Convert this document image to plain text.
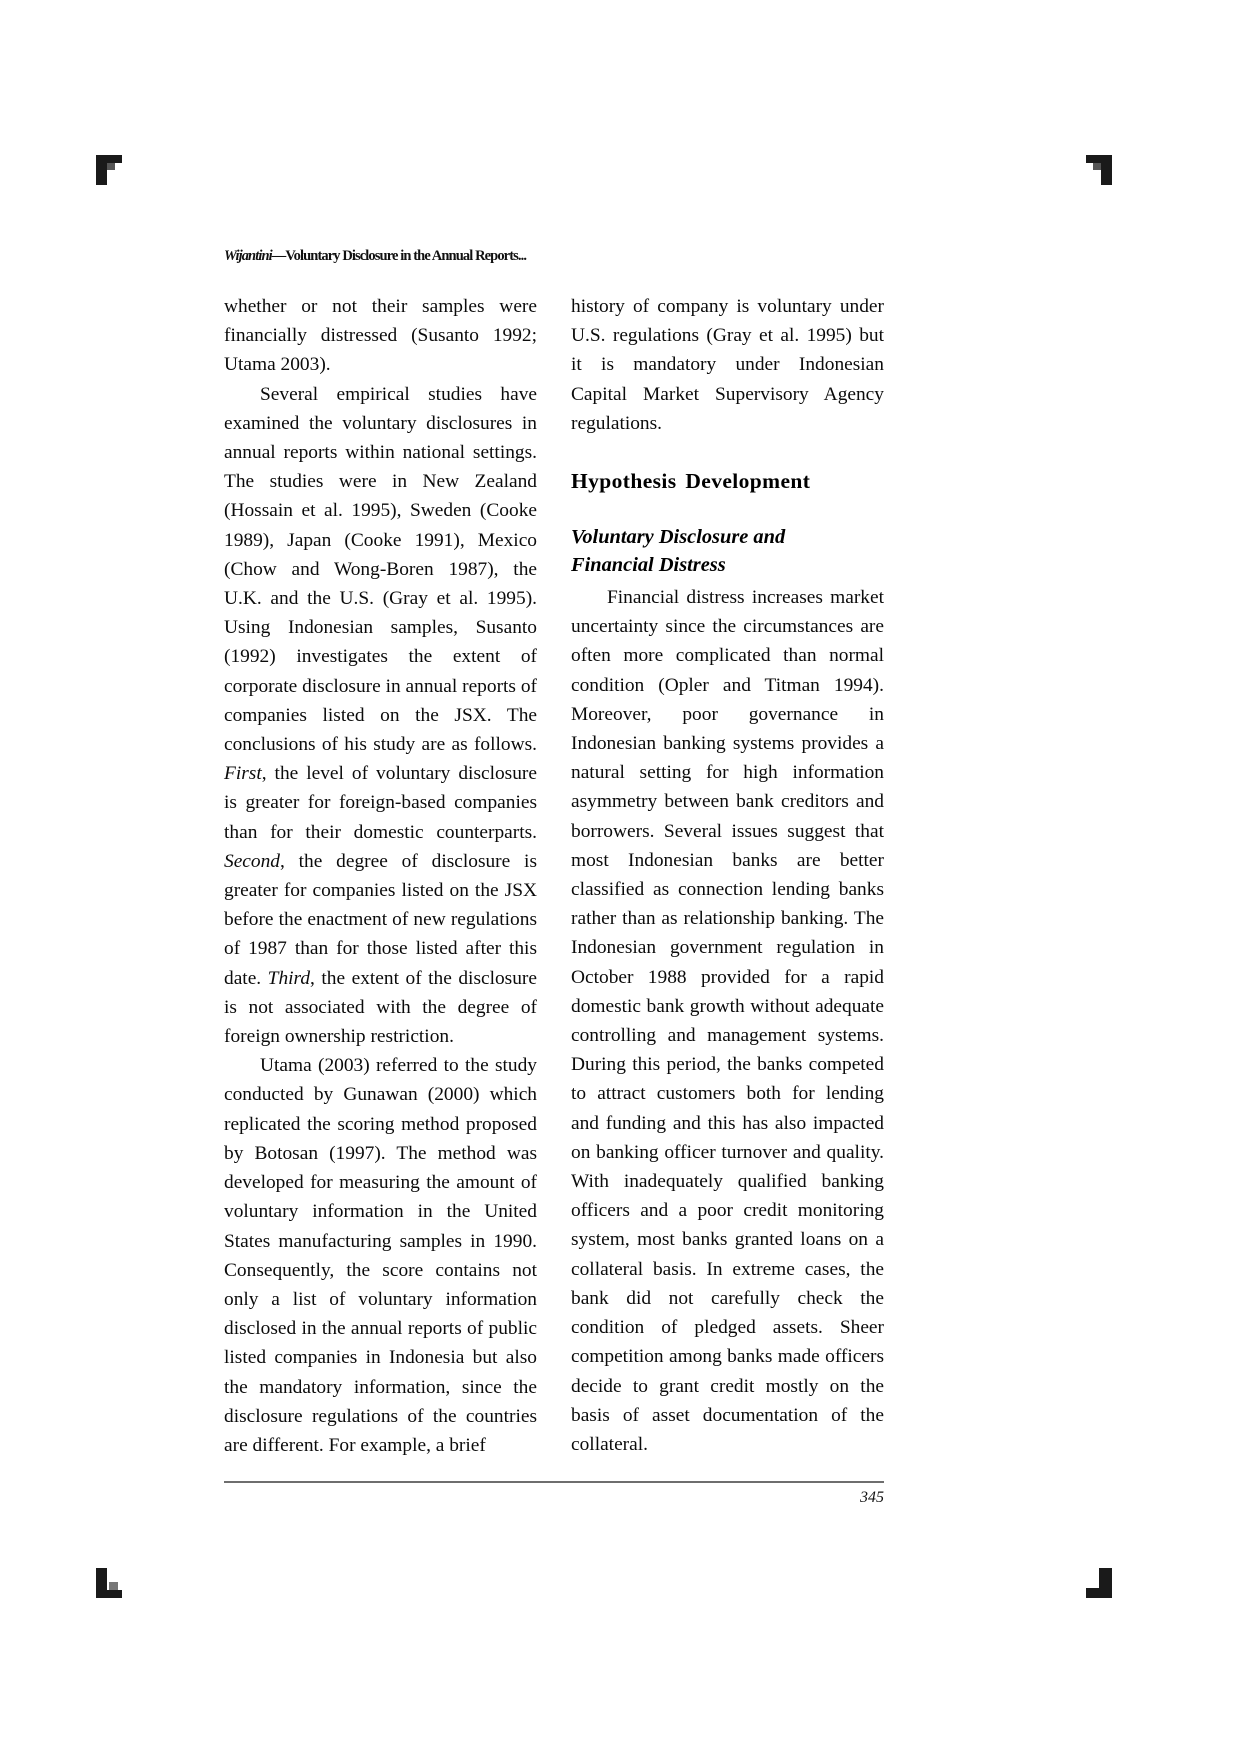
Wijantini—Voluntary Disclosure in the Annual Reports...

whether or not their samples were financially distressed (Susanto 1992; Utama 2003).

Several empirical studies have examined the voluntary disclosures in annual reports within national settings. The studies were in New Zealand (Hossain et al. 1995), Sweden (Cooke 1989), Japan (Cooke 1991), Mexico (Chow and Wong-Boren 1987), the U.K. and the U.S. (Gray et al. 1995). Using Indonesian samples, Susanto (1992) investigates the extent of corporate disclosure in annual reports of companies listed on the JSX. The conclusions of his study are as follows. First, the level of voluntary disclosure is greater for foreign-based companies than for their domestic counterparts. Second, the degree of disclosure is greater for companies listed on the JSX before the enactment of new regulations of 1987 than for those listed after this date. Third, the extent of the disclosure is not associated with the degree of foreign ownership restriction.

Utama (2003) referred to the study conducted by Gunawan (2000) which replicated the scoring method proposed by Botosan (1997). The method was developed for measuring the amount of voluntary information in the United States manufacturing samples in 1990. Consequently, the score contains not only a list of voluntary information disclosed in the annual reports of public listed companies in Indonesia but also the mandatory information, since the disclosure regulations of the countries are different. For example, a brief

history of company is voluntary under U.S. regulations (Gray et al. 1995) but it is mandatory under Indonesian Capital Market Supervisory Agency regulations.

Hypothesis Development
Voluntary Disclosure and
Financial Distress

Financial distress increases market uncertainty since the circumstances are often more complicated than normal condition (Opler and Titman 1994). Moreover, poor governance in Indonesian banking systems provides a natural setting for high information asymmetry between bank creditors and borrowers. Several issues suggest that most Indonesian banks are better classified as connection lending banks rather than as relationship banking. The Indonesian government regulation in October 1988 provided for a rapid domestic bank growth without adequate controlling and management systems. During this period, the banks competed to attract customers both for lending and funding and this has also impacted on banking officer turnover and quality. With inadequately qualified banking officers and a poor credit monitoring system, most banks granted loans on a collateral basis. In extreme cases, the bank did not carefully check the condition of pledged assets. Sheer competition among banks made officers decide to grant credit mostly on the basis of asset documentation of the collateral.

345
